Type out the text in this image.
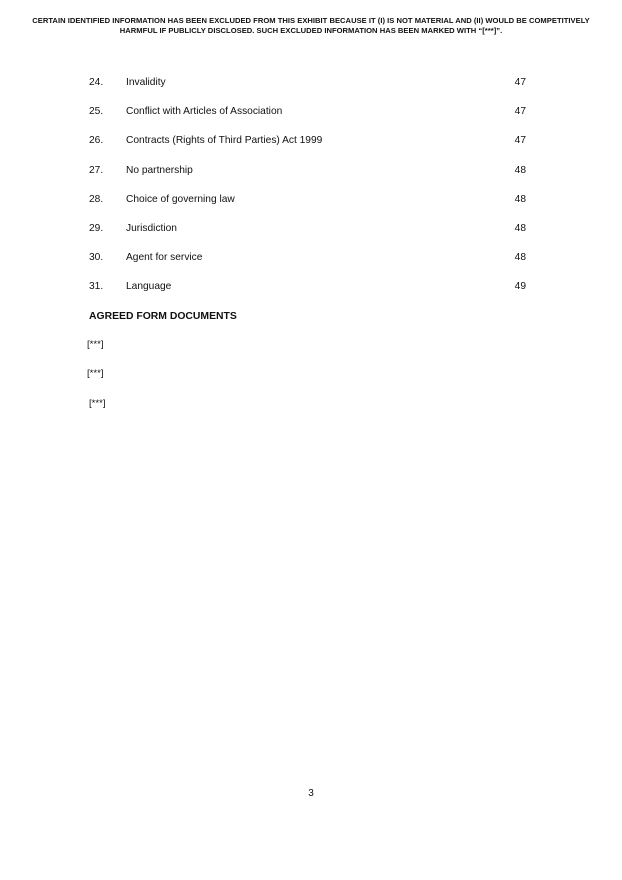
CERTAIN IDENTIFIED INFORMATION HAS BEEN EXCLUDED FROM THIS EXHIBIT BECAUSE IT (I) IS NOT MATERIAL AND (II) WOULD BE COMPETITIVELY HARMFUL IF PUBLICLY DISCLOSED. SUCH EXCLUDED INFORMATION HAS BEEN MARKED WITH “[***]”.
24. Invalidity	47
25. Conflict with Articles of Association	47
26. Contracts (Rights of Third Parties) Act 1999	47
27. No partnership	48
28. Choice of governing law	48
29. Jurisdiction	48
30. Agent for service	48
31. Language	49
AGREED FORM DOCUMENTS
[***]
[***]
[***]
3
